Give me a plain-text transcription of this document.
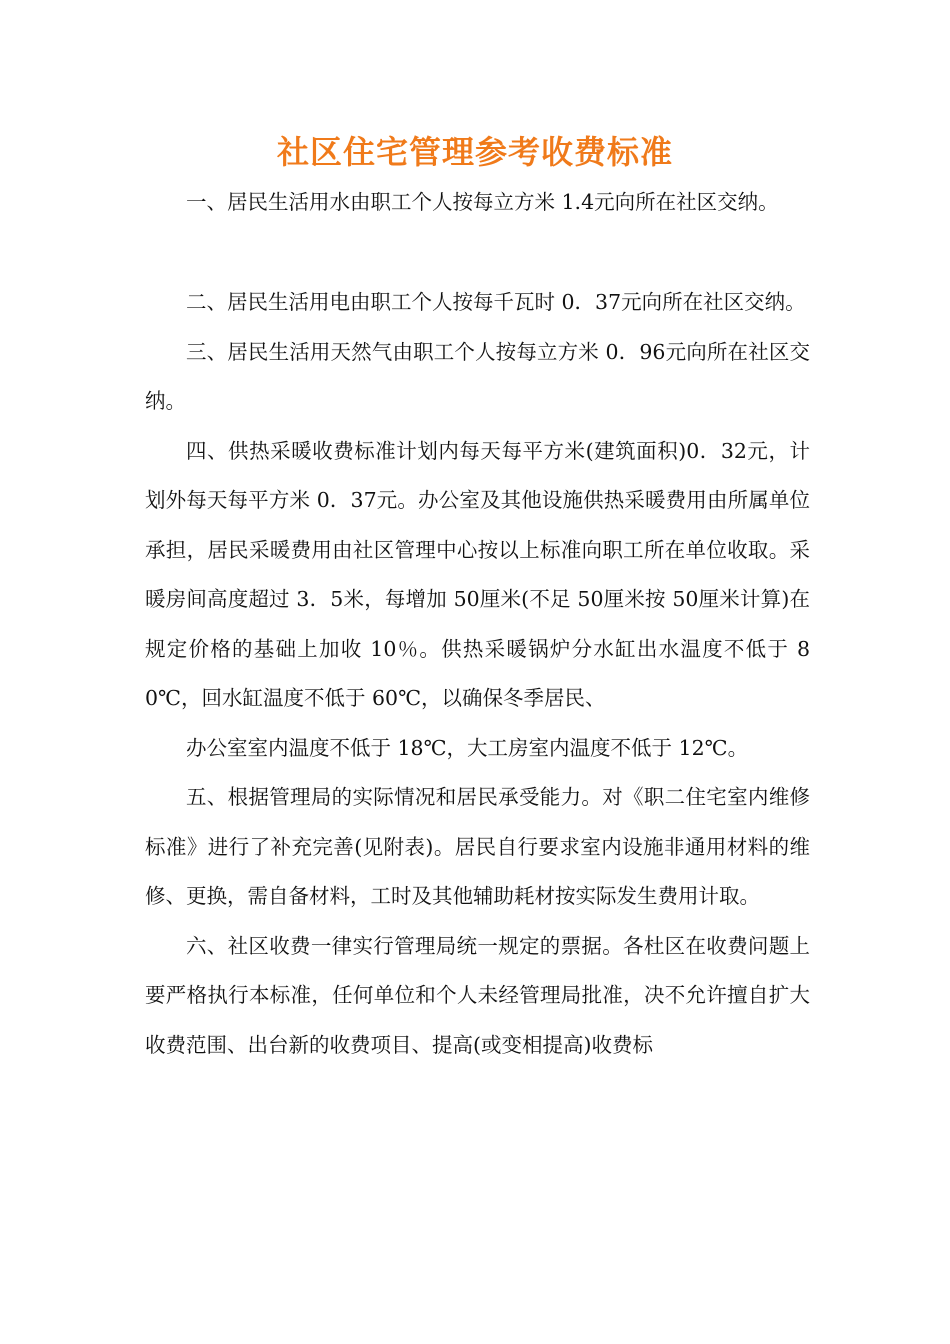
社区住宅管理参考收费标准

一、居民生活用水由职工个人按每立方米 1.4元向所在社区交纳。

二、居民生活用电由职工个人按每千瓦时 0．37元向所在社区交纳。

三、居民生活用天然气由职工个人按每立方米 0．96元向所在社区交纳。

四、供热采暖收费标准计划内每天每平方米(建筑面积)0．32元，计划外每天每平方米 0．37元。办公室及其他设施供热采暖费用由所属单位承担，居民采暖费用由社区管理中心按以上标准向职工所在单位收取。采暖房间高度超过 3．5米，每增加 50厘米(不足 50厘米按 50厘米计算)在规定价格的基础上加收 10％。供热采暖锅炉分水缸出水温度不低于 80℃，回水缸温度不低于 60℃，以确保冬季居民、

办公室室内温度不低于 18℃，大工房室内温度不低于 12℃。

五、根据管理局的实际情况和居民承受能力。对《职二住宅室内维修标准》进行了补充完善(见附表)。居民自行要求室内设施非通用材料的维修、更换，需自备材料，工时及其他辅助耗材按实际发生费用计取。

六、社区收费一律实行管理局统一规定的票据。各杜区在收费问题上要严格执行本标准，任何单位和个人未经管理局批准，决不允许擅自扩大收费范围、出台新的收费项目、提高(或变相提高)收费标
